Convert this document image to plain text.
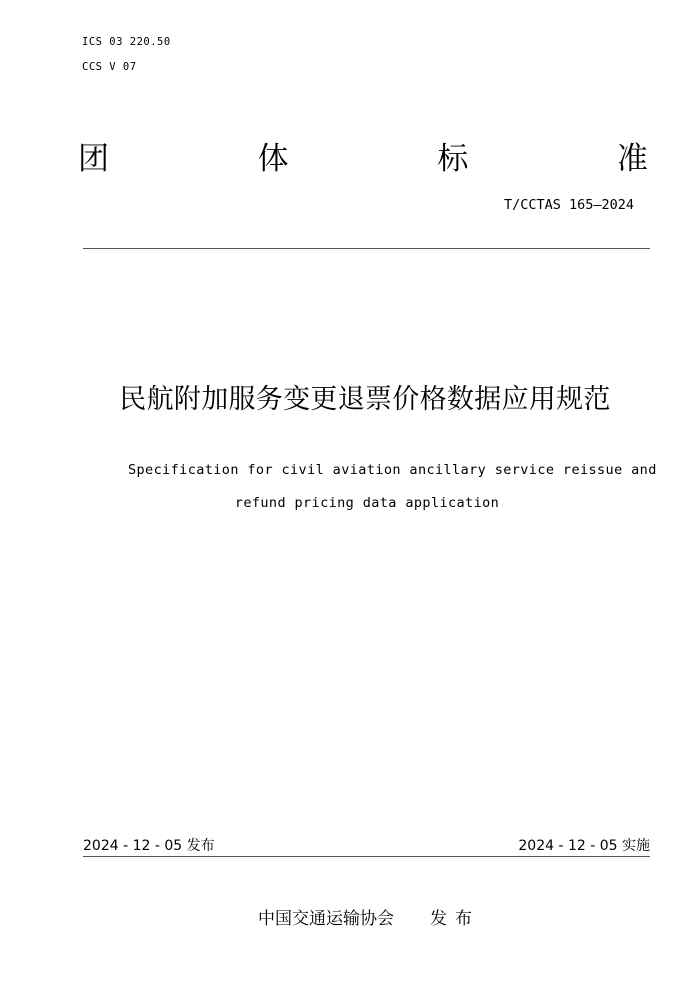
ICS 03 220.50
CCS V 07
团	体	标	准
T/CCTAS 165—2024
民航附加服务变更退票价格数据应用规范
Specification for civil aviation ancillary service reissue and
refund pricing data application
2024 - 12 - 05 发布	2024 - 12 - 05 实施
中国交通运输协会 发布
